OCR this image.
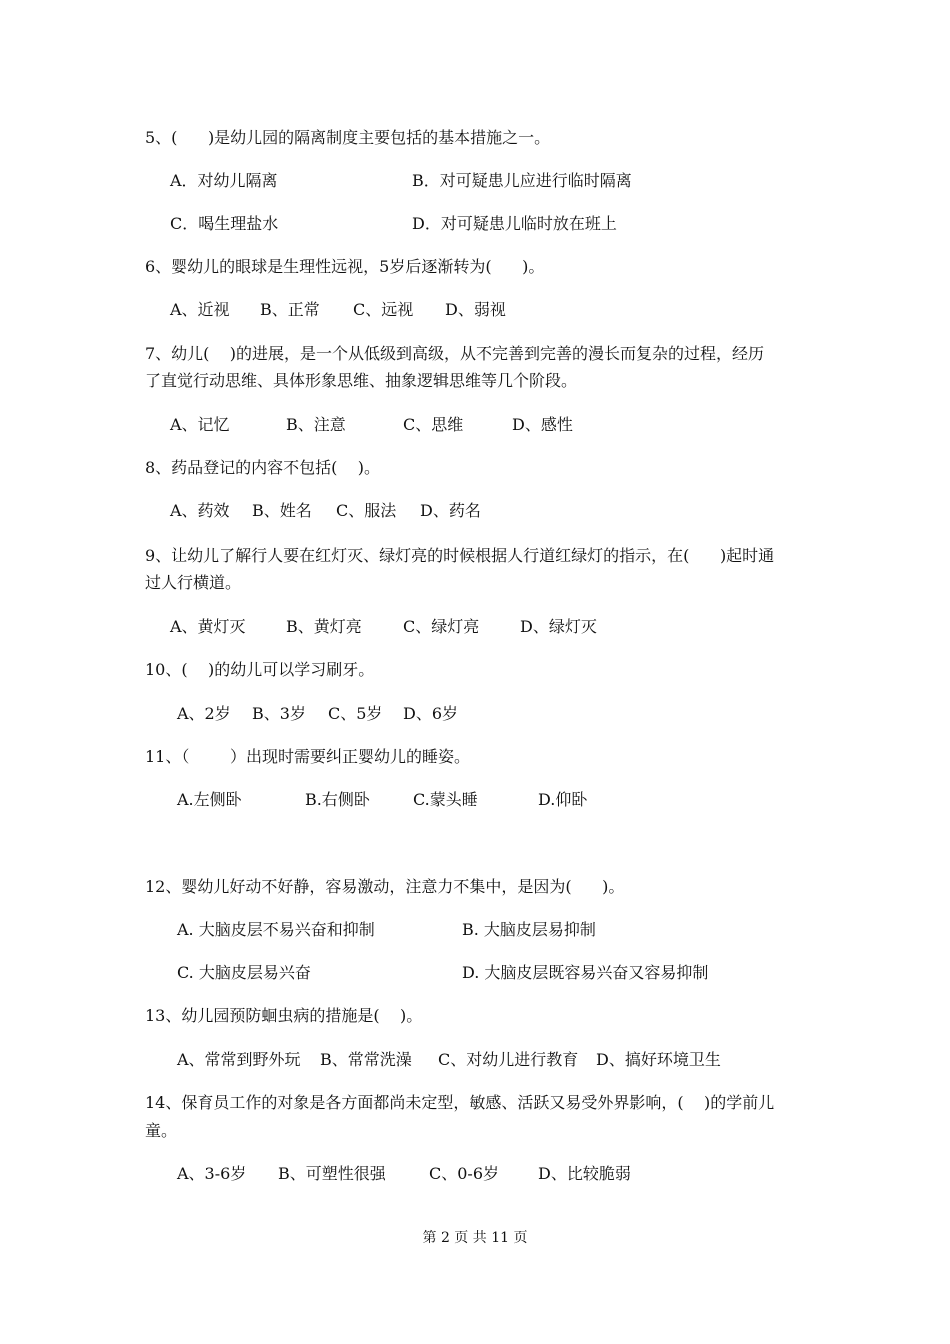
5、(      )是幼儿园的隔离制度主要包括的基本措施之一。
A．对幼儿隔离	B．对可疑患儿应进行临时隔离
C．喝生理盐水	D．对可疑患儿临时放在班上
6、婴幼儿的眼球是生理性远视，5岁后逐渐转为(      )。
A、近视 B、正常 C、远视 D、弱视
7、幼儿(    )的进展，是一个从低级到高级，从不完善到完善的漫长而复杂的过程，经历
了直觉行动思维、具体形象思维、抽象逻辑思维等几个阶段。
A、记忆	B、注意	C、思维	D、感性
8、药品登记的内容不包括(    )。
A、药效 B、姓名 C、服法 D、药名
9、让幼儿了解行人要在红灯灭、绿灯亮的时候根据人行道红绿灯的指示，在(      )起时通
过人行横道。
A、黄灯灭	B、黄灯亮	C、绿灯亮	D、绿灯灭
10、(    )的幼儿可以学习刷牙。
A、2岁 B、3岁 C、5岁 D、6岁
11、（        ）出现时需要纠正婴幼儿的睡姿。
A.左侧卧	B.右侧卧	C.蒙头睡	D.仰卧
12、婴幼儿好动不好静，容易激动，注意力不集中，是因为(      )。
A. 大脑皮层不易兴奋和抑制	B. 大脑皮层易抑制
C. 大脑皮层易兴奋	D. 大脑皮层既容易兴奋又容易抑制
13、幼儿园预防蛔虫病的措施是(    )。
A、常常到野外玩 B、常常洗澡 C、对幼儿进行教育 D、搞好环境卫生
14、保育员工作的对象是各方面都尚未定型，敏感、活跃又易受外界影响，(    )的学前儿
童。
A、3-6岁 B、可塑性很强	C、0-6岁 D、比较脆弱
第 2 页 共 11 页
